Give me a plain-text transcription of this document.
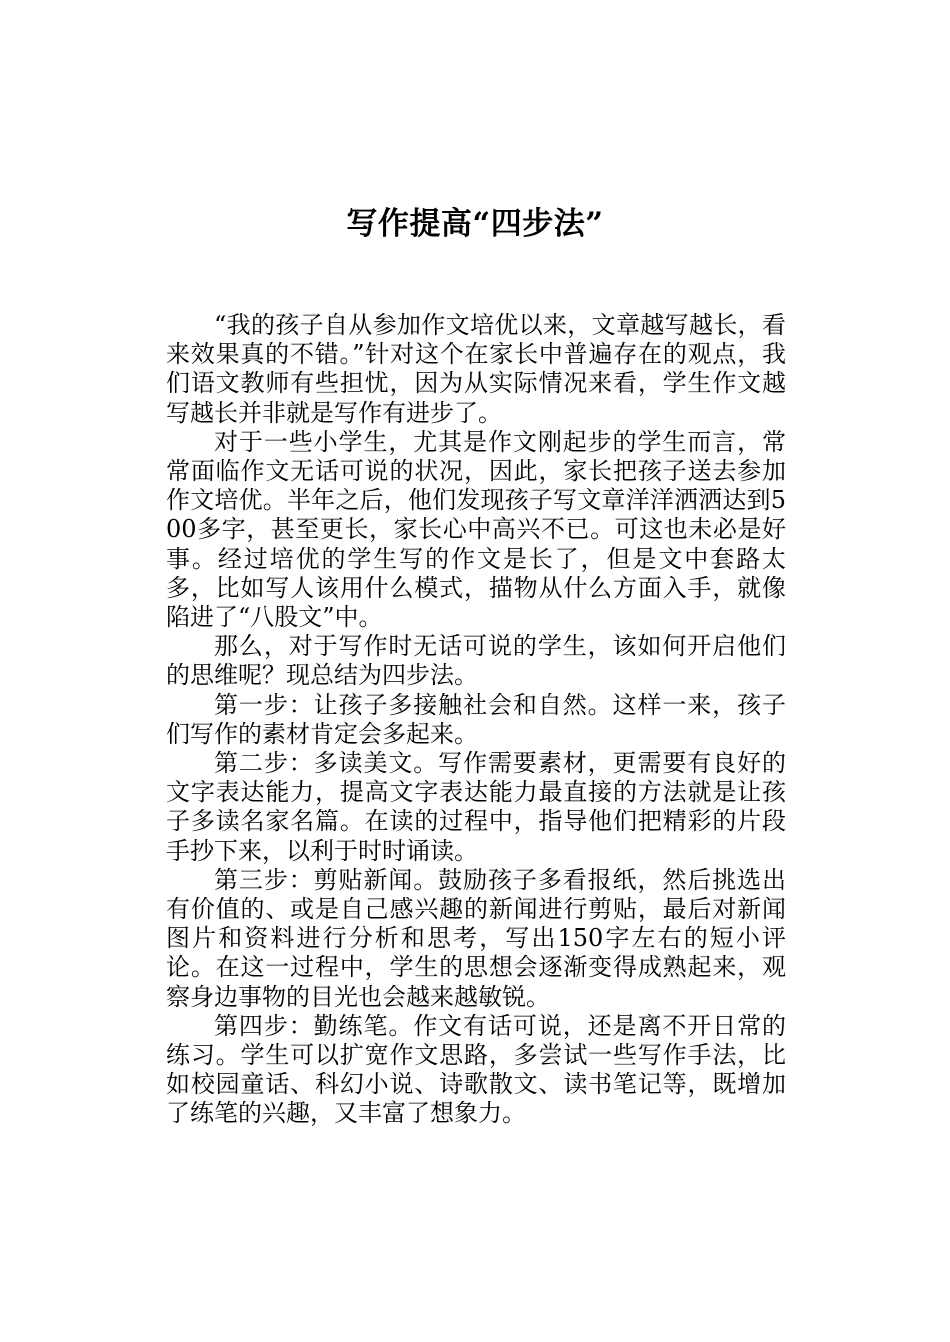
写作提高“四步法”

“我的孩子自从参加作文培优以来，文章越写越长，看来效果真的不错。”针对这个在家长中普遍存在的观点，我们语文教师有些担忧，因为从实际情况来看，学生作文越写越长并非就是写作有进步了。

对于一些小学生，尤其是作文刚起步的学生而言，常常面临作文无话可说的状况，因此，家长把孩子送去参加作文培优。半年之后，他们发现孩子写文章洋洋洒洒达到500多字，甚至更长，家长心中高兴不已。可这也未必是好事。经过培优的学生写的作文是长了，但是文中套路太多，比如写人该用什么模式，描物从什么方面入手，就像陷进了“八股文”中。

那么，对于写作时无话可说的学生，该如何开启他们的思维呢？现总结为四步法。

第一步：让孩子多接触社会和自然。这样一来，孩子们写作的素材肯定会多起来。

第二步：多读美文。写作需要素材，更需要有良好的文字表达能力，提高文字表达能力最直接的方法就是让孩子多读名家名篇。在读的过程中，指导他们把精彩的片段手抄下来，以利于时时诵读。

第三步：剪贴新闻。鼓励孩子多看报纸，然后挑选出有价值的、或是自己感兴趣的新闻进行剪贴，最后对新闻图片和资料进行分析和思考，写出150字左右的短小评论。在这一过程中，学生的思想会逐渐变得成熟起来，观察身边事物的目光也会越来越敏锐。

第四步：勤练笔。作文有话可说，还是离不开日常的练习。学生可以扩宽作文思路，多尝试一些写作手法，比如校园童话、科幻小说、诗歌散文、读书笔记等，既增加了练笔的兴趣，又丰富了想象力。
